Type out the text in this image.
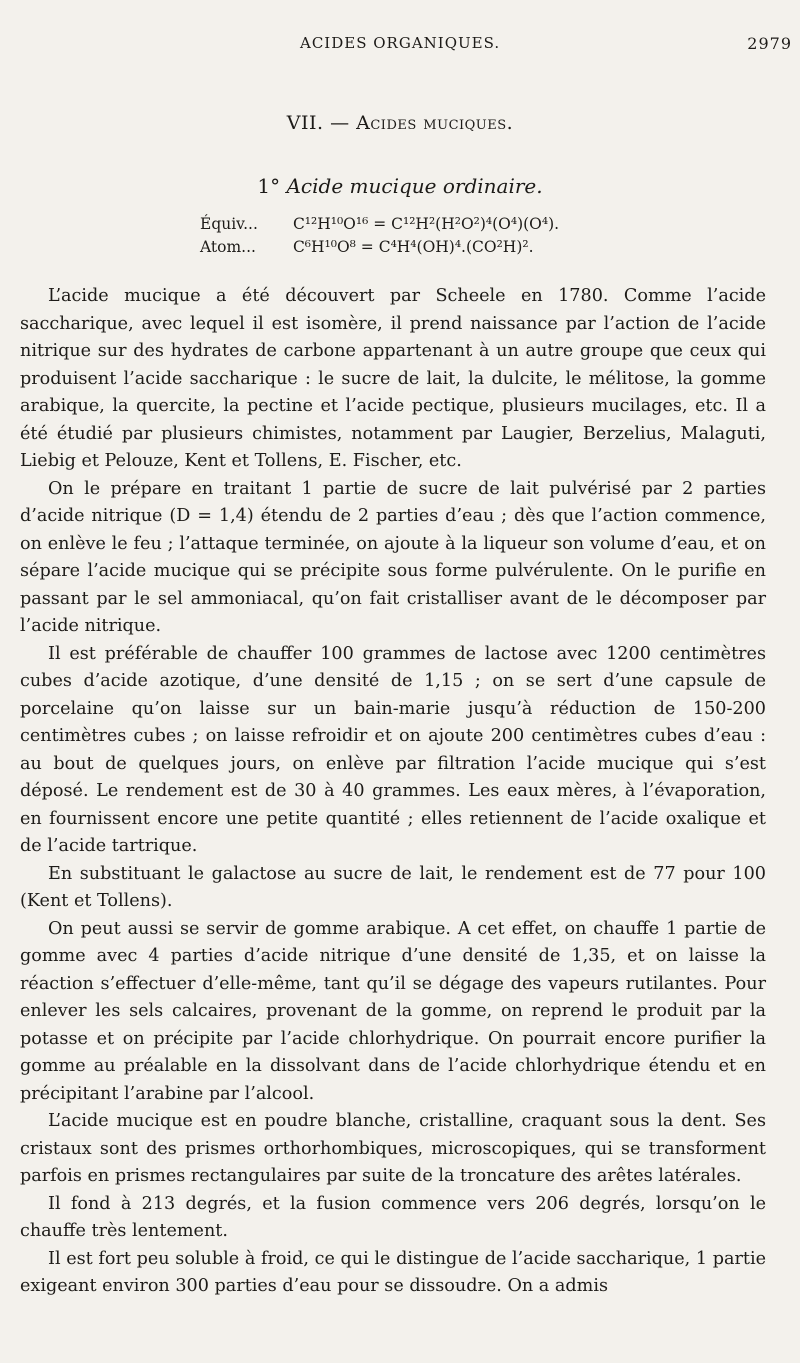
ACIDES ORGANIQUES.	2979
VII. — Acides muciques.
1° Acide mucique ordinaire.
Équiv... C¹²H¹⁰O¹⁶ = C¹²H²(H²O²)⁴(O⁴)(O⁴).
Atom... C⁶H¹⁰O⁸ = C⁴H⁴(OH)⁴.(CO²H)².

L’acide mucique a été découvert par Scheele en 1780. Comme l’acide saccharique, avec lequel il est isomère, il prend naissance par l’action de l’acide nitrique sur des hydrates de carbone appartenant à un autre groupe que ceux qui produisent l’acide saccharique : le sucre de lait, la dulcite, le mélitose, la gomme arabique, la quercite, la pectine et l’acide pectique, plusieurs mucilages, etc. Il a été étudié par plusieurs chimistes, notamment par Laugier, Berzelius, Malaguti, Liebig et Pelouze, Kent et Tollens, E. Fischer, etc.

On le prépare en traitant 1 partie de sucre de lait pulvérisé par 2 parties d’acide nitrique (D = 1,4) étendu de 2 parties d’eau ; dès que l’action commence, on enlève le feu ; l’attaque terminée, on ajoute à la liqueur son volume d’eau, et on sépare l’acide mucique qui se précipite sous forme pulvérulente. On le purifie en passant par le sel ammoniacal, qu’on fait cristalliser avant de le décomposer par l’acide nitrique.

Il est préférable de chauffer 100 grammes de lactose avec 1200 centimètres cubes d’acide azotique, d’une densité de 1,15 ; on se sert d’une capsule de porcelaine qu’on laisse sur un bain-marie jusqu’à réduction de 150-200 centimètres cubes ; on laisse refroidir et on ajoute 200 centimètres cubes d’eau : au bout de quelques jours, on enlève par filtration l’acide mucique qui s’est déposé. Le rendement est de 30 à 40 grammes. Les eaux mères, à l’évaporation, en fournissent encore une petite quantité ; elles retiennent de l’acide oxalique et de l’acide tartrique.

En substituant le galactose au sucre de lait, le rendement est de 77 pour 100 (Kent et Tollens).

On peut aussi se servir de gomme arabique. A cet effet, on chauffe 1 partie de gomme avec 4 parties d’acide nitrique d’une densité de 1,35, et on laisse la réaction s’effectuer d’elle-même, tant qu’il se dégage des vapeurs rutilantes. Pour enlever les sels calcaires, provenant de la gomme, on reprend le produit par la potasse et on précipite par l’acide chlorhydrique. On pourrait encore purifier la gomme au préalable en la dissolvant dans de l’acide chlorhydrique étendu et en précipitant l’arabine par l’alcool.

L’acide mucique est en poudre blanche, cristalline, craquant sous la dent. Ses cristaux sont des prismes orthorhombiques, microscopiques, qui se transforment parfois en prismes rectangulaires par suite de la troncature des arêtes latérales.

Il fond à 213 degrés, et la fusion commence vers 206 degrés, lorsqu’on le chauffe très lentement.

Il est fort peu soluble à froid, ce qui le distingue de l’acide saccharique, 1 partie exigeant environ 300 parties d’eau pour se dissoudre. On a admis
